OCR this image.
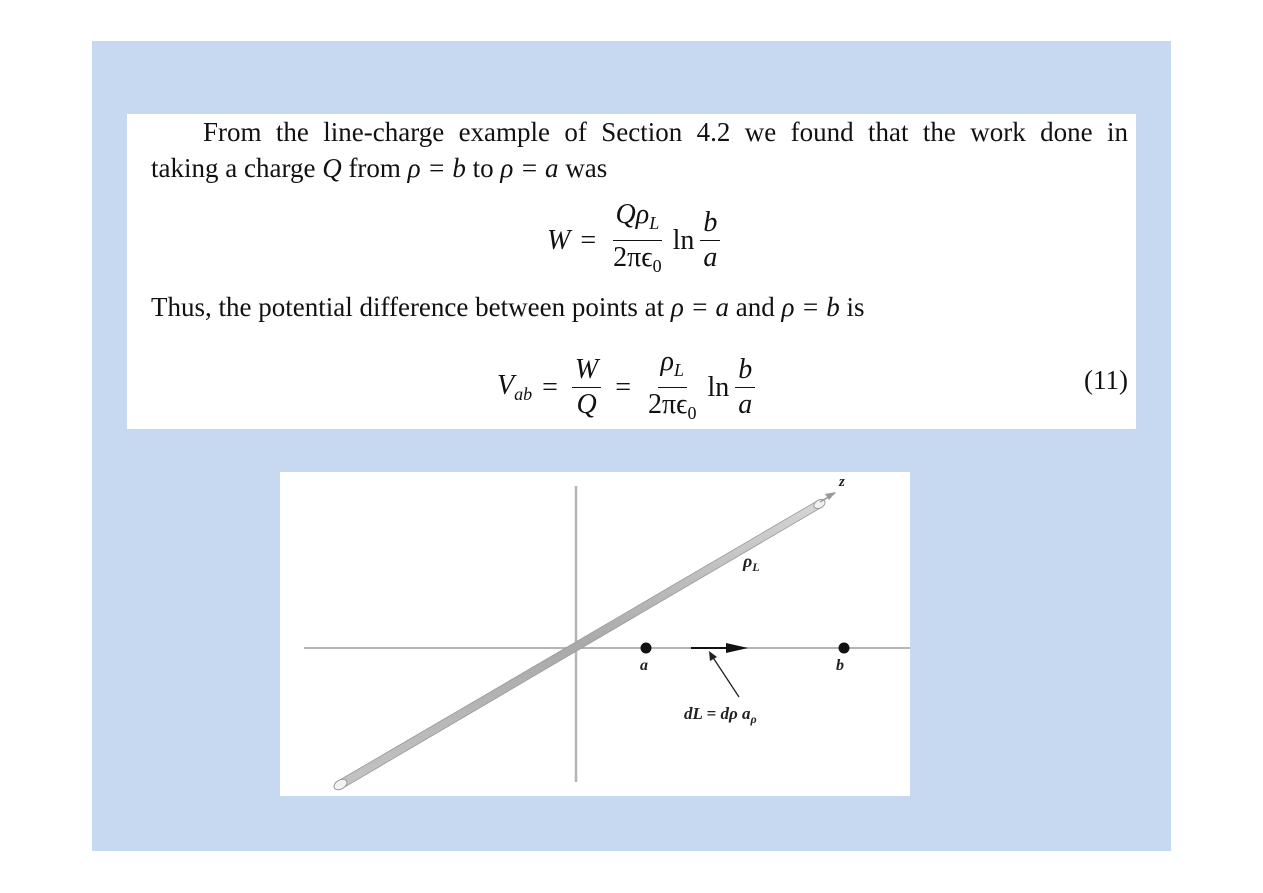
From the line-charge example of Section 4.2 we found that the work done in
taking a charge Q from ρ = b to ρ = a was

$W = \frac{Q\rho_L}{2\pi\epsilon_0}$ $\ln \frac{b}{a}$

Thus, the potential difference between points at ρ = a and ρ = b is

$V_{ab} = \frac{W}{Q} = \frac{\rho_L}{2\pi\epsilon_0}$ $\ln \frac{b}{a}$	(11)
z
$\rho_L$
a	b
dL = dρ $a_\rho$
